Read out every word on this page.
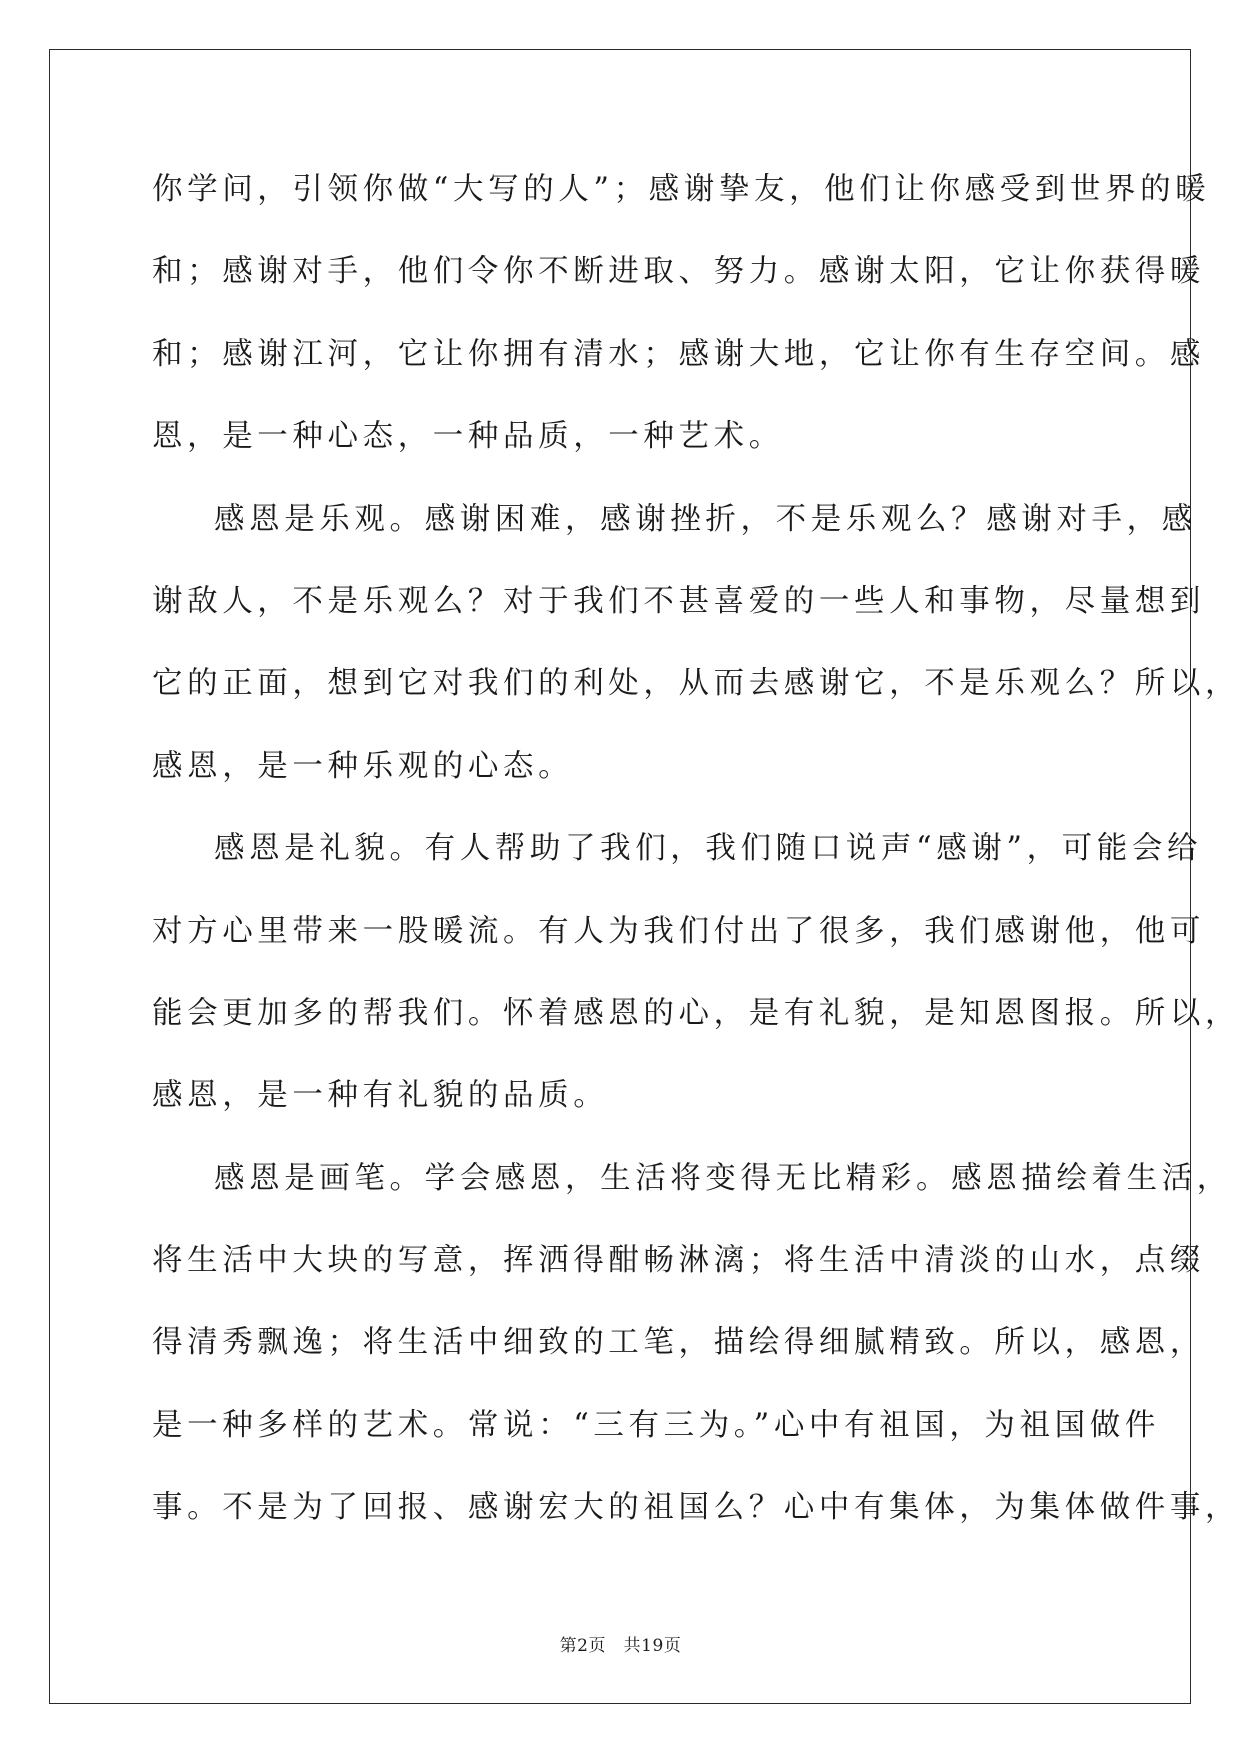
你学问，引领你做“大写的人”；感谢挚友，他们让你感受到世界的暖
和；感谢对手，他们令你不断进取、努力。感谢太阳，它让你获得暖
和；感谢江河，它让你拥有清水；感谢大地，它让你有生存空间。感
恩，是一种心态，一种品质，一种艺术。
感恩是乐观。感谢困难，感谢挫折，不是乐观么？感谢对手，感
谢敌人，不是乐观么？对于我们不甚喜爱的一些人和事物，尽量想到
它的正面，想到它对我们的利处，从而去感谢它，不是乐观么？所以，
感恩，是一种乐观的心态。
感恩是礼貌。有人帮助了我们，我们随口说声“感谢”，可能会给
对方心里带来一股暖流。有人为我们付出了很多，我们感谢他，他可
能会更加多的帮我们。怀着感恩的心，是有礼貌，是知恩图报。所以，
感恩，是一种有礼貌的品质。
感恩是画笔。学会感恩，生活将变得无比精彩。感恩描绘着生活，
将生活中大块的写意，挥洒得酣畅淋漓；将生活中清淡的山水，点缀
得清秀飘逸；将生活中细致的工笔，描绘得细腻精致。所以，感恩，
是一种多样的艺术。常说：“三有三为。”心中有祖国，为祖国做件
事。不是为了回报、感谢宏大的祖国么？心中有集体，为集体做件事，
第2页   共19页
